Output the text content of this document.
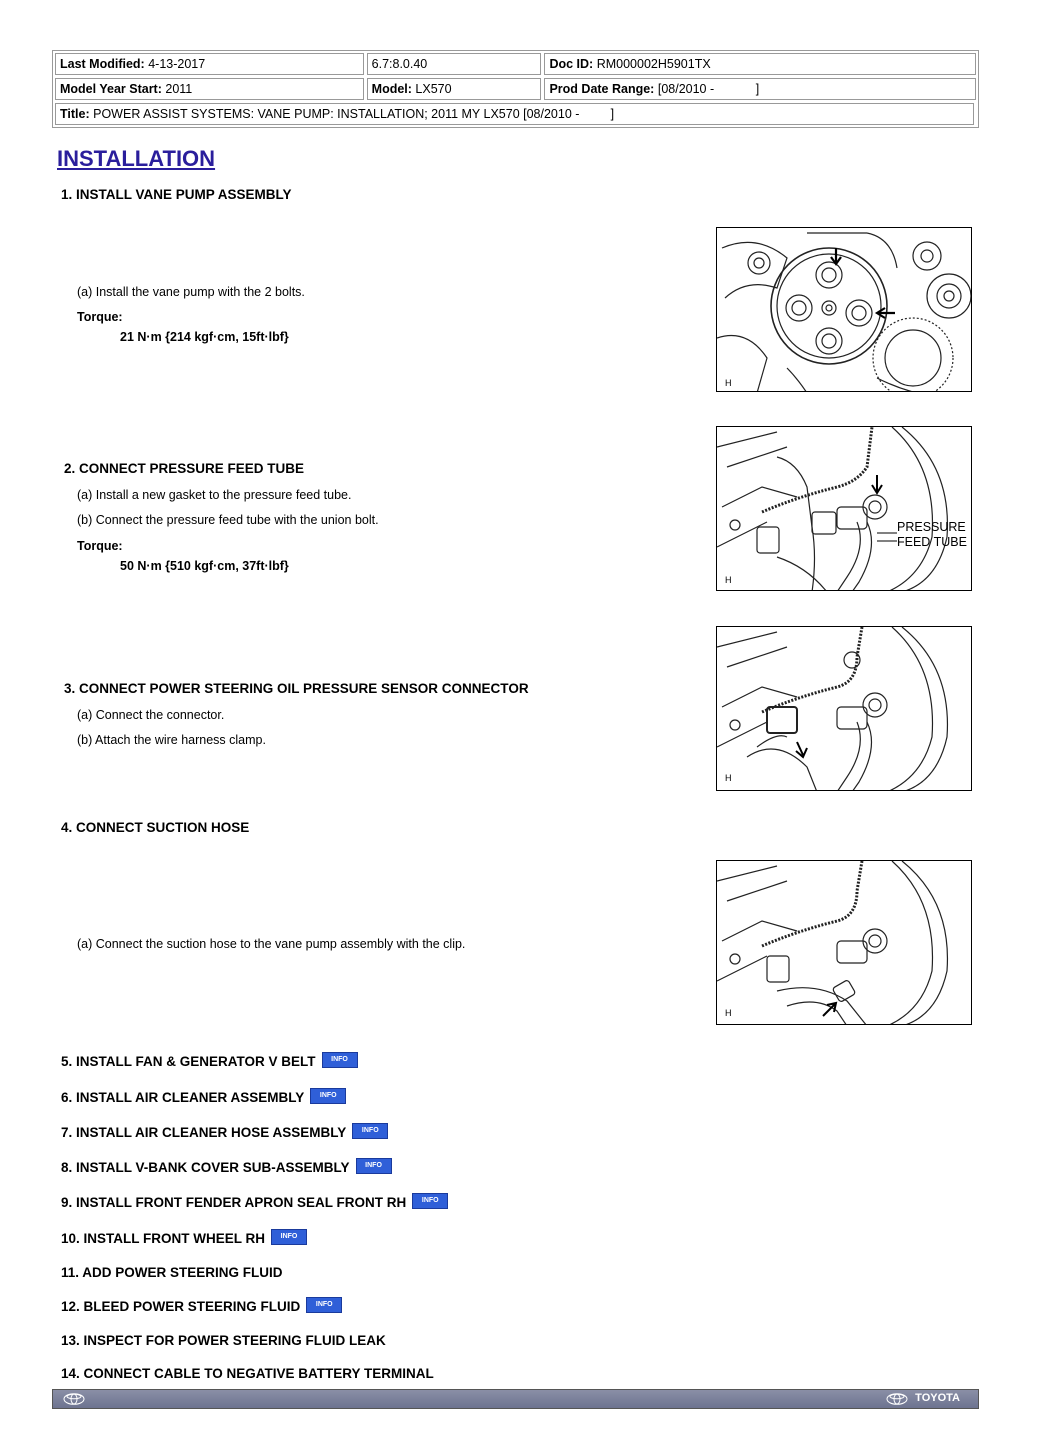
Last Modified: 4-13-2017	6.7:8.0.40	Doc ID: RM000002H5901TX
Model Year Start: 2011	Model: LX570	Prod Date Range: [08/2010 -            ]
Title: POWER ASSIST SYSTEMS: VANE PUMP: INSTALLATION; 2011 MY LX570 [08/2010 -         ]
INSTALLATION
1. INSTALL VANE PUMP ASSEMBLY
(a) Install the vane pump with the 2 bolts.
Torque:
21 N·m {214 kgf·cm, 15ft·lbf}
2. CONNECT PRESSURE FEED TUBE
(a) Install a new gasket to the pressure feed tube.
(b) Connect the pressure feed tube with the union bolt.
Torque:
50 N·m {510 kgf·cm, 37ft·lbf}
3. CONNECT POWER STEERING OIL PRESSURE SENSOR CONNECTOR
(a) Connect the connector.
(b) Attach the wire harness clamp.
4. CONNECT SUCTION HOSE
(a) Connect the suction hose to the vane pump assembly with the clip.
5. INSTALL FAN & GENERATOR V BELT INFO
6. INSTALL AIR CLEANER ASSEMBLY INFO
7. INSTALL AIR CLEANER HOSE ASSEMBLY INFO
8. INSTALL V-BANK COVER SUB-ASSEMBLY INFO
9. INSTALL FRONT FENDER APRON SEAL FRONT RH INFO
10. INSTALL FRONT WHEEL RH INFO
11. ADD POWER STEERING FLUID
12. BLEED POWER STEERING FLUID INFO
13. INSPECT FOR POWER STEERING FLUID LEAK
14. CONNECT CABLE TO NEGATIVE BATTERY TERMINAL
H
PRESSURE
FEED TUBE
H
H
H
TOYOTA
